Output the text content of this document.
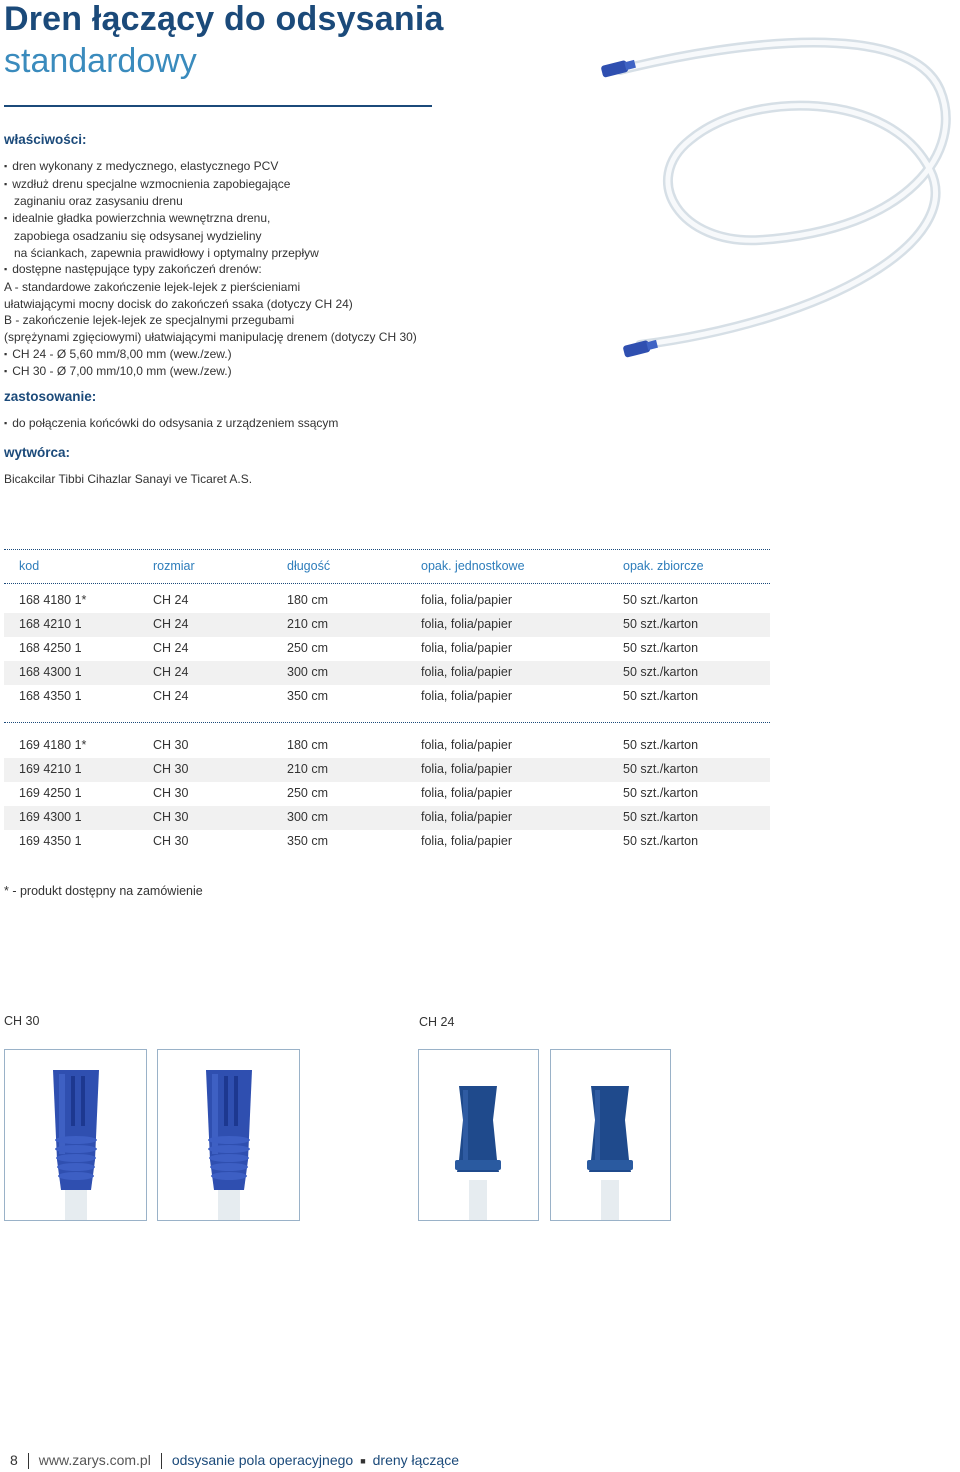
Dren łączący do odsysania
standardowy
właściwości:
▪ dren wykonany z medycznego, elastycznego PCV
▪ wzdłuż drenu specjalne wzmocnienia zapobiegające
zaginaniu oraz zasysaniu drenu
▪ idealnie gładka powierzchnia wewnętrzna drenu,
zapobiega osadzaniu się odsysanej wydzieliny
na ściankach, zapewnia prawidłowy i optymalny przepływ
▪ dostępne następujące typy zakończeń drenów:
A - standardowe zakończenie lejek-lejek z pierścieniami
ułatwiającymi mocny docisk do zakończeń ssaka (dotyczy CH 24)
B - zakończenie lejek-lejek ze specjalnymi przegubami
(sprężynami zgięciowymi) ułatwiającymi manipulację drenem (dotyczy CH 30)
▪ CH 24 - Ø 5,60 mm/8,00 mm (wew./zew.)
▪ CH 30 - Ø 7,00 mm/10,0 mm (wew./zew.)
zastosowanie:
▪ do połączenia końcówki do odsysania z urządzeniem ssącym
wytwórca:
Bicakcilar Tibbi Cihazlar Sanayi ve Ticaret A.S.
kod	rozmiar	długość	opak. jednostkowe	opak. zbiorcze
168 4180 1*	CH 24	180 cm	folia, folia/papier	50 szt./karton
168 4210 1	CH 24	210 cm	folia, folia/papier	50 szt./karton
168 4250 1	CH 24	250 cm	folia, folia/papier	50 szt./karton
168 4300 1	CH 24	300 cm	folia, folia/papier	50 szt./karton
168 4350 1	CH 24	350 cm	folia, folia/papier	50 szt./karton
169 4180 1*	CH 30	180 cm	folia, folia/papier	50 szt./karton
169 4210 1	CH 30	210 cm	folia, folia/papier	50 szt./karton
169 4250 1	CH 30	250 cm	folia, folia/papier	50 szt./karton
169 4300 1	CH 30	300 cm	folia, folia/papier	50 szt./karton
169 4350 1	CH 30	350 cm	folia, folia/papier	50 szt./karton
* - produkt dostępny na zamówienie
CH 30	CH 24
8 www.zarys.com.pl odsysanie pola operacyjnego ■ dreny łączące
